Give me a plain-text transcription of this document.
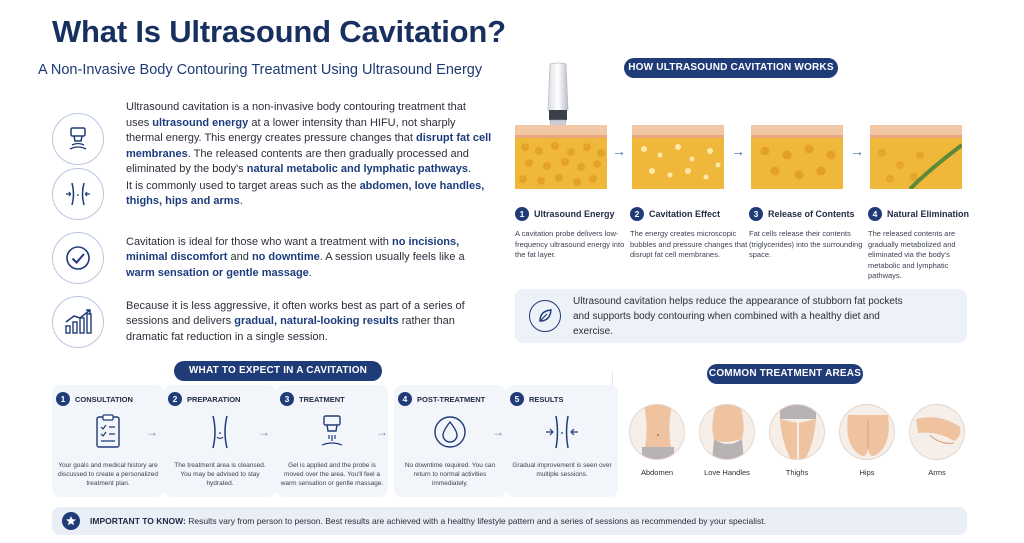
What Is Ultrasound Cavitation?
A Non-Invasive Body Contouring Treatment Using Ultrasound Energy
Ultrasound cavitation is a non-invasive body contouring treatment that uses ultrasound energy at a lower intensity than HIFU, not sharply thermal energy. This energy creates pressure changes that disrupt fat cell membranes. The released contents are then gradually processed and eliminated by the body's natural metabolic and lymphatic pathways.
It is commonly used to target areas such as the abdomen, love handles, thighs, hips and arms.
Cavitation is ideal for those who want a treatment with no incisions, minimal discomfort and no downtime. A session usually feels like a warm sensation or gentle massage.
Because it is less aggressive, it often works best as part of a series of sessions and delivers gradual, natural-looking results rather than dramatic fat reduction in a single session.
HOW ULTRASOUND CAVITATION WORKS
→	→	→
1	Ultrasound Energy	2	Cavitation Effect	3	Release of Contents	4	Natural Elimination
A cavitation probe delivers low-frequency ultrasound energy into the fat layer.
The energy creates microscopic bubbles and pressure changes that disrupt fat cell membranes.
Fat cells release their contents (triglycerides) into the surrounding space.
The released contents are gradually metabolized and eliminated via the body's metabolic and lymphatic pathways.
Ultrasound cavitation helps reduce the appearance of stubborn fat pockets and supports body contouring when combined with a healthy diet and exercise.
WHAT TO EXPECT IN A CAVITATION
1	CONSULTATION
Your goals and medical history are discussed to create a personalized treatment plan.
→
2	PREPARATION
The treatment area is cleansed. You may be advised to stay hydrated.
→
3	TREATMENT
Gel is applied and the probe is moved over the area. You'll feel a warm sensation or gentle massage.
→
4	POST-TREATMENT
No downtime required. You can return to normal activities immediately.
→
5	RESULTS
Gradual improvement is seen over multiple sessions.
COMMON TREATMENT AREAS
Abdomen	Love Handles	Thighs	Hips	Arms
IMPORTANT TO KNOW: Results vary from person to person. Best results are achieved with a healthy lifestyle pattern and a series of sessions as recommended by your specialist.
